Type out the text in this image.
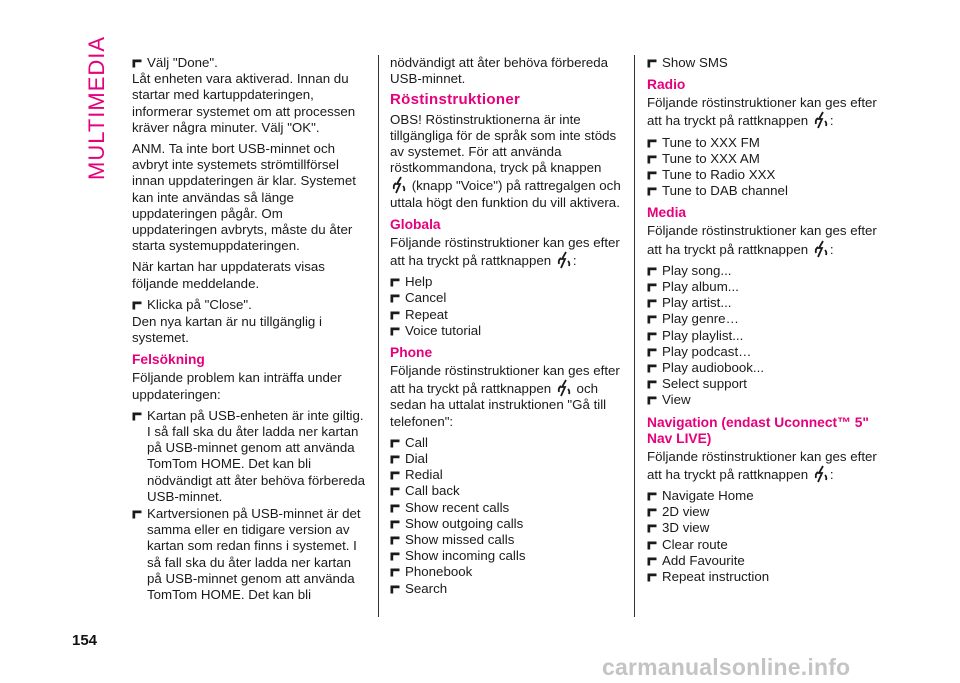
MULTIMEDIA	Välj "Done".

Låt enheten vara aktiverad. Innan du startar med kartuppdateringen, informerar systemet om att processen kräver några minuter. Välj "OK".

ANM. Ta inte bort USB-minnet och avbryt inte systemets strömtillförsel innan uppdateringen är klar. Systemet kan inte användas så länge uppdateringen pågår. Om uppdateringen avbryts, måste du åter starta systemuppdateringen.

När kartan har uppdaterats visas följande meddelande.

Klicka på "Close".

Den nya kartan är nu tillgänglig i systemet.

Felsökning

Följande problem kan inträffa under uppdateringen:

Kartan på USB-enheten är inte giltig. I så fall ska du åter ladda ner kartan på USB-minnet genom att använda TomTom HOME. Det kan bli nödvändigt att åter behöva förbereda USB-minnet.
Kartversionen på USB-minnet är det samma eller en tidigare version av kartan som redan finns i systemet. I så fall ska du åter ladda ner kartan på USB-minnet genom att använda TomTom HOME. Det kan bli

nödvändigt att åter behöva förbereda USB-minnet.

Röstinstruktioner

OBS! Röstinstruktionerna är inte tillgängliga för de språk som inte stöds av systemet. För att använda röstkommandona, tryck på knappen  (knapp "Voice") på rattregalgen och uttala högt den funktion du vill aktivera.

Globala

Följande röstinstruktioner kan ges efter att ha tryckt på rattknappen :

Help
Cancel
Repeat
Voice tutorial
Phone

Följande röstinstruktioner kan ges efter att ha tryckt på rattknappen och sedan ha uttalat instruktionen "Gå till telefonen":

Call
Dial
Redial
Call back
Show recent calls
Show outgoing calls
Show missed calls
Show incoming calls
Phonebook
Search
Show SMS
Radio

Följande röstinstruktioner kan ges efter att ha tryckt på rattknappen :

Tune to XXX FM
Tune to XXX AM
Tune to Radio XXX
Tune to DAB channel
Media

Följande röstinstruktioner kan ges efter att ha tryckt på rattknappen :

Play song...
Play album...
Play artist...
Play genre…
Play playlist...
Play podcast…
Play audiobook...
Select support
View
Navigation (endast Uconnect™ 5" Nav LIVE)

Följande röstinstruktioner kan ges efter att ha tryckt på rattknappen :

Navigate Home
2D view
3D view
Clear route
Add Favourite
Repeat instruction
154
carmanualsonline.info
